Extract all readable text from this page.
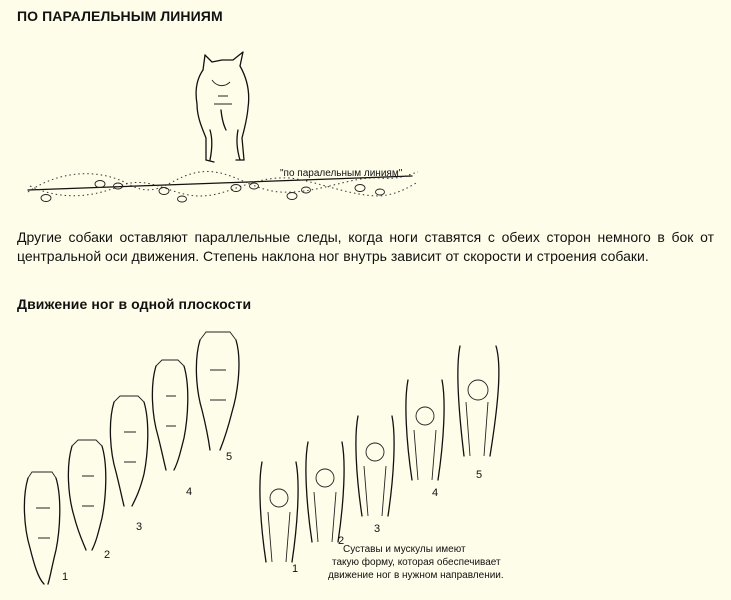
ПО ПАРАЛЕЛЬНЫМ ЛИНИЯМ
"по паралельным линиям"
1
2
3
4
5
1
2
3
4
5
Суставы и мускулы имеют
такую форму, которая обеспечивает
движение ног в нужном направлении.
Другие собаки оставляют параллельные следы, когда ноги ставятся с обеих сторон немного в бок от центральной оси движения. Степень наклона ног внутрь зависит от скорости и строения собаки.
Движение ног в одной плоскости
